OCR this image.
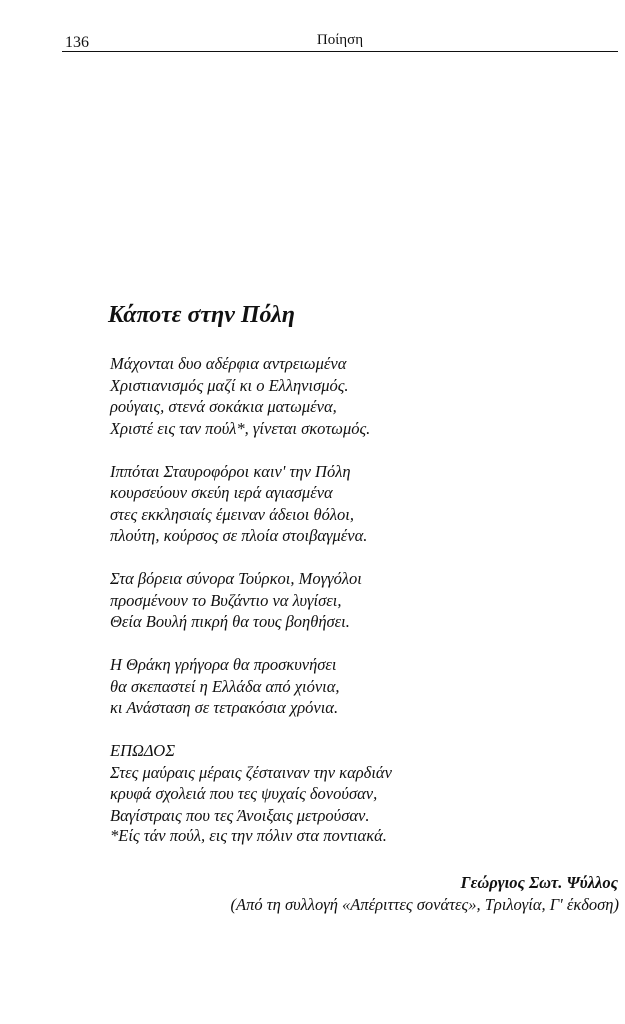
136	Ποίηση
Κάποτε στην Πόλη
Μάχονται δυο αδέρφια αντρειωμένα
Χριστιανισμός μαζί κι ο Ελληνισμός.
ρούγαις, στενά σοκάκια ματωμένα,
Χριστέ εις ταν πούλ*, γίνεται σκοτωμός.
Ιππόται Σταυροφόροι καιν' την Πόλη
κουρσεύουν σκεύη ιερά αγιασμένα
στες εκκλησιαίς έμειναν άδειοι θόλοι,
πλούτη, κούρσος σε πλοία στοιβαγμένα.
Στα βόρεια σύνορα Τούρκοι, Μογγόλοι
προσμένουν το Βυζάντιο να λυγίσει,
Θεία Βουλή πικρή θα τους βοηθήσει.
Η Θράκη γρήγορα θα προσκυνήσει
θα σκεπαστεί η Ελλάδα από χιόνια,
κι Ανάσταση σε τετρακόσια χρόνια.
ΕΠΩΔΟΣ
Στες μαύραις μέραις ζέσταιναν την καρδιάν
κρυφά σχολειά που τες ψυχαίς δονούσαν,
Βαγίστραις που τες Άνοιξαις μετρούσαν.
*Είς τάν πούλ, εις την πόλιν στα ποντιακά.
Γεώργιος Σωτ. Ψύλλος
(Από τη συλλογή «Απέριττες σονάτες», Τριλογία, Γ' έκδοση)
